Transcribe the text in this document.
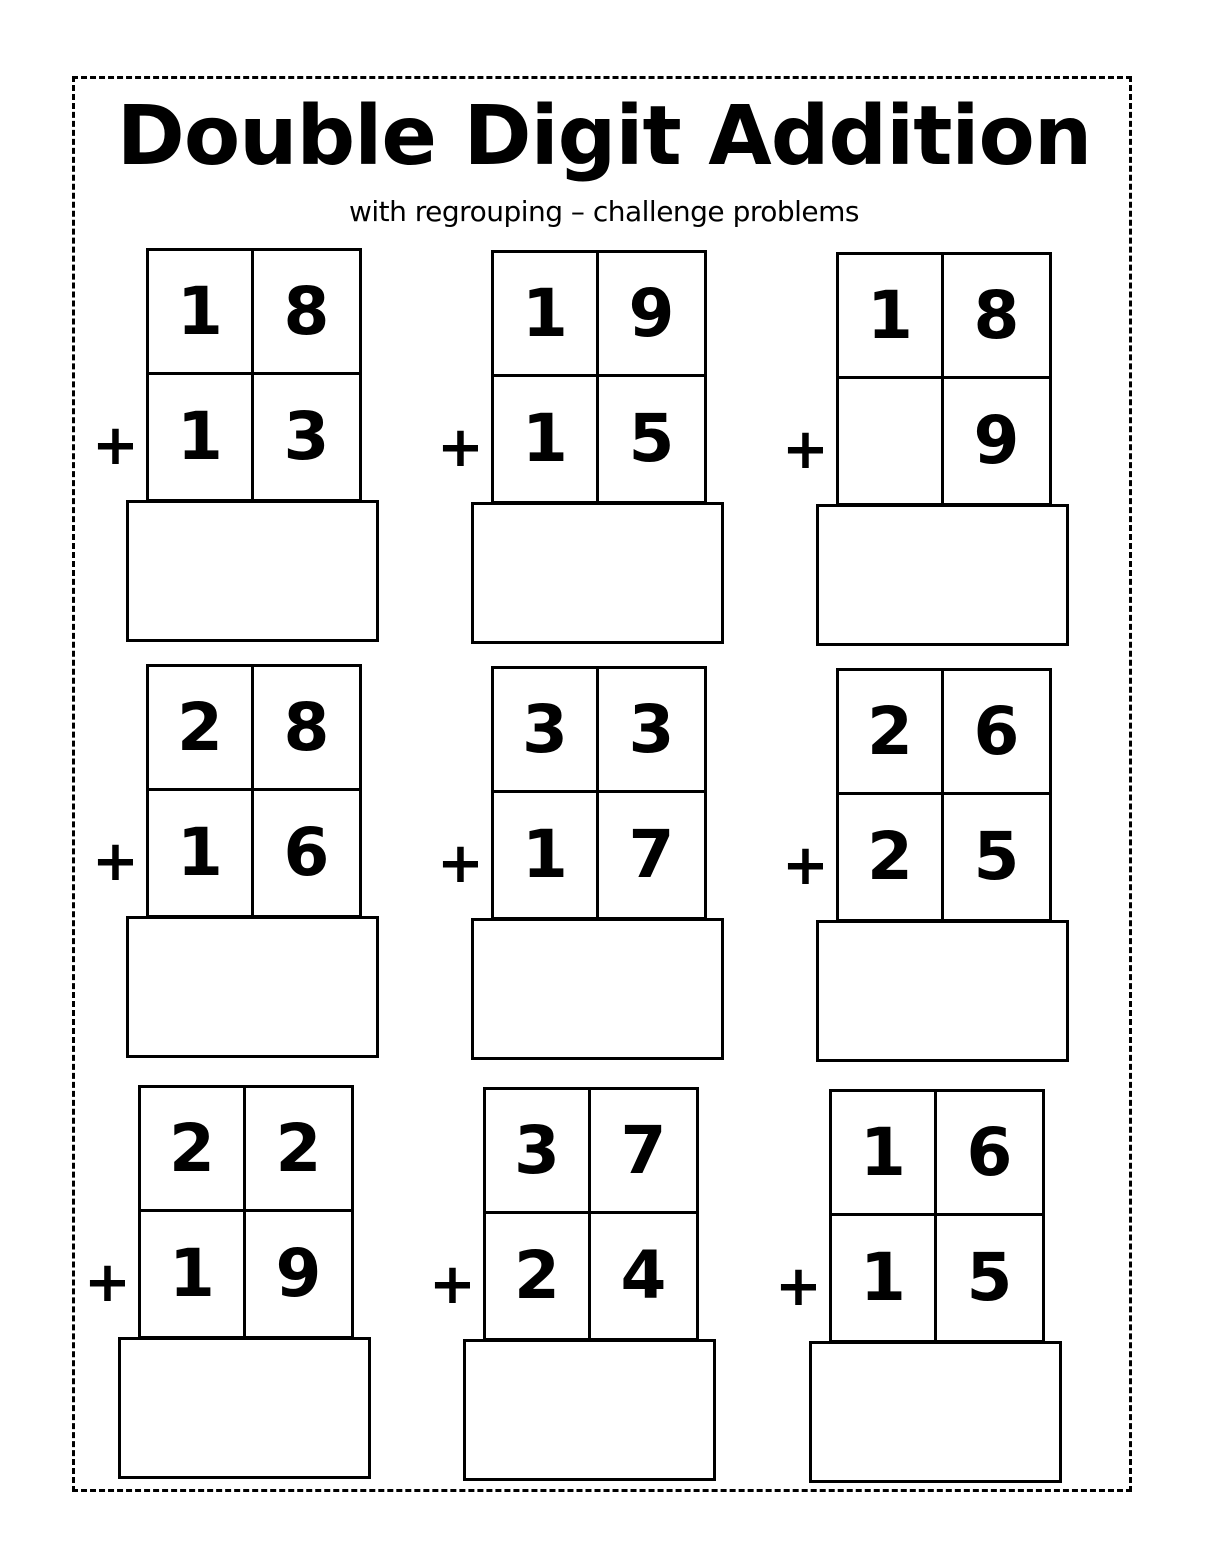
Double Digit Addition
with regrouping – challenge problems
1 8
1 3
+
1 9
1 5
+
1 8
9
+
2 8
1 6
+
3 3
1 7
+
2 6
2 5
+
2 2
1 9
+
3 7
2 4
+
1 6
1 5
+
